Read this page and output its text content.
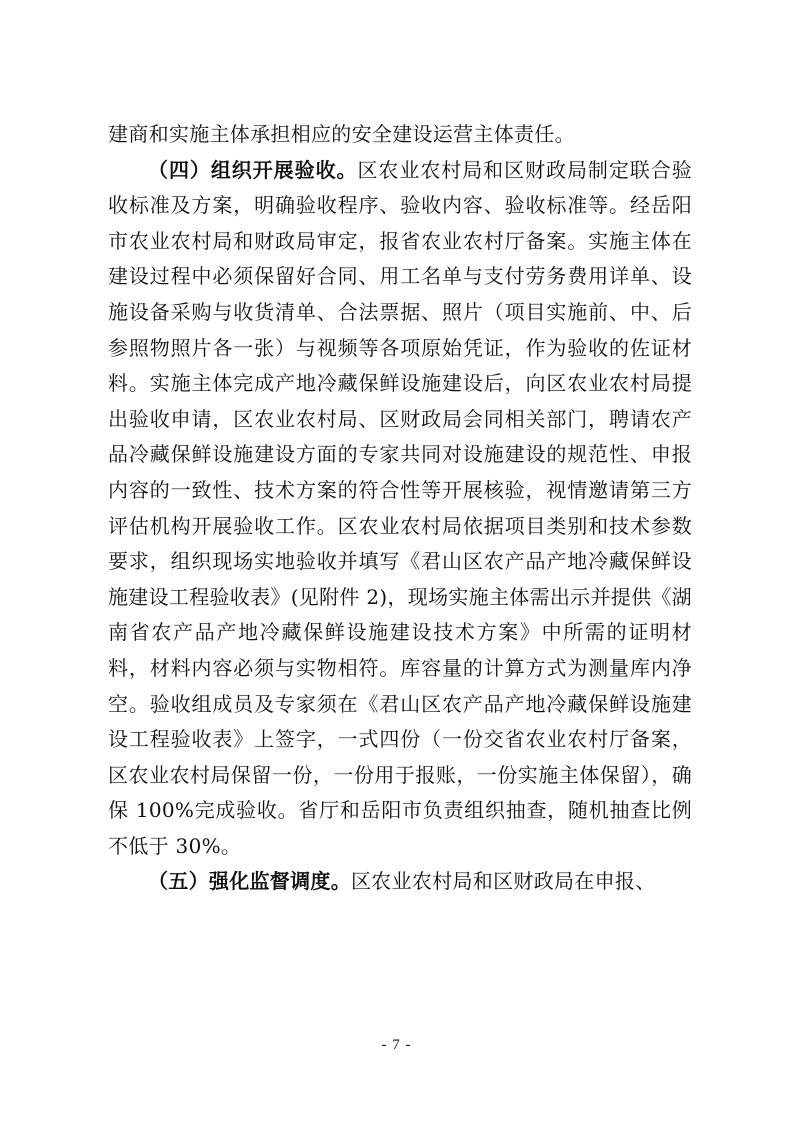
建商和实施主体承担相应的安全建设运营主体责任。

（四）组织开展验收。区农业农村局和区财政局制定联合验收标准及方案，明确验收程序、验收内容、验收标准等。经岳阳市农业农村局和财政局审定，报省农业农村厅备案。实施主体在建设过程中必须保留好合同、用工名单与支付劳务费用详单、设施设备采购与收货清单、合法票据、照片（项目实施前、中、后参照物照片各一张）与视频等各项原始凭证，作为验收的佐证材料。实施主体完成产地冷藏保鲜设施建设后，向区农业农村局提出验收申请，区农业农村局、区财政局会同相关部门，聘请农产品冷藏保鲜设施建设方面的专家共同对设施建设的规范性、申报内容的一致性、技术方案的符合性等开展核验，视情邀请第三方评估机构开展验收工作。区农业农村局依据项目类别和技术参数要求，组织现场实地验收并填写《君山区农产品产地冷藏保鲜设施建设工程验收表》(见附件 2)，现场实施主体需出示并提供《湖南省农产品产地冷藏保鲜设施建设技术方案》中所需的证明材料，材料内容必须与实物相符。库容量的计算方式为测量库内净空。验收组成员及专家须在《君山区农产品产地冷藏保鲜设施建设工程验收表》上签字，一式四份（一份交省农业农村厅备案，区农业农村局保留一份，一份用于报账，一份实施主体保留），确保 100%完成验收。省厅和岳阳市负责组织抽查，随机抽查比例不低于 30%。

（五）强化监督调度。区农业农村局和区财政局在申报、

- 7 -
